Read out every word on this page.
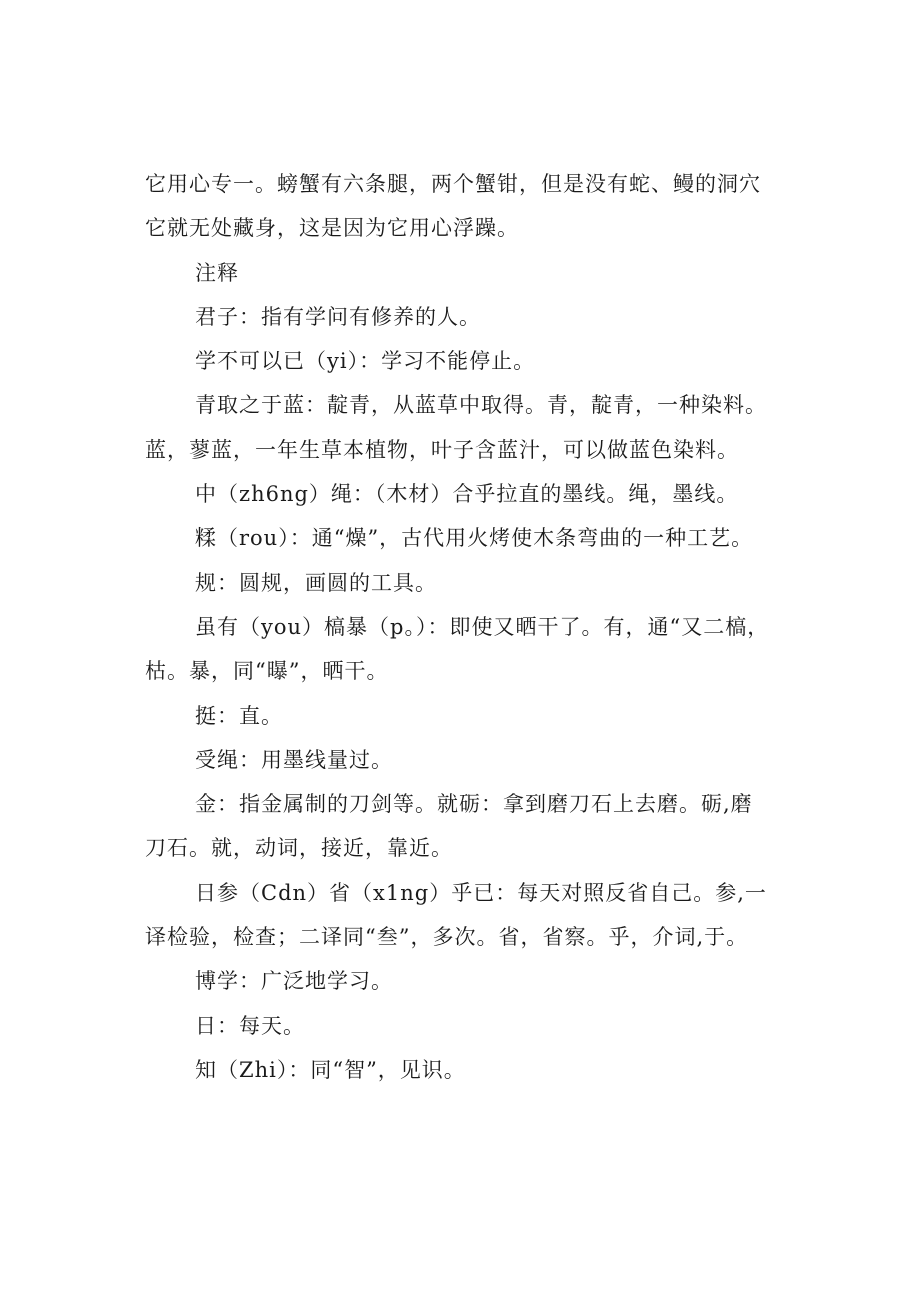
它用心专一。螃蟹有六条腿，两个蟹钳，但是没有蛇、鳗的洞穴

它就无处藏身，这是因为它用心浮躁。

注释

君子：指有学问有修养的人。

学不可以已（yi）：学习不能停止。

青取之于蓝：靛青，从蓝草中取得。青，靛青，一种染料。

蓝，蓼蓝，一年生草本植物，叶子含蓝汁，可以做蓝色染料。

中（zh6ng）绳：（木材）合乎拉直的墨线。绳，墨线。

糅（rou）：通“燥”，古代用火烤使木条弯曲的一种工艺。

规：圆规，画圆的工具。

虽有（you）槁暴（p。）：即使又晒干了。有，通“又二槁，

枯。暴，同“曝”，晒干。

挺：直。

受绳：用墨线量过。

金：指金属制的刀剑等。就砺：拿到磨刀石上去磨。砺,磨

刀石。就，动词，接近，靠近。

日参（Cdn）省（x1ng）乎已：每天对照反省自己。参,一

译检验，检查；二译同“叁”，多次。省，省察。乎，介词,于。

博学：广泛地学习。

日：每天。

知（Zhi）：同“智”，见识。
